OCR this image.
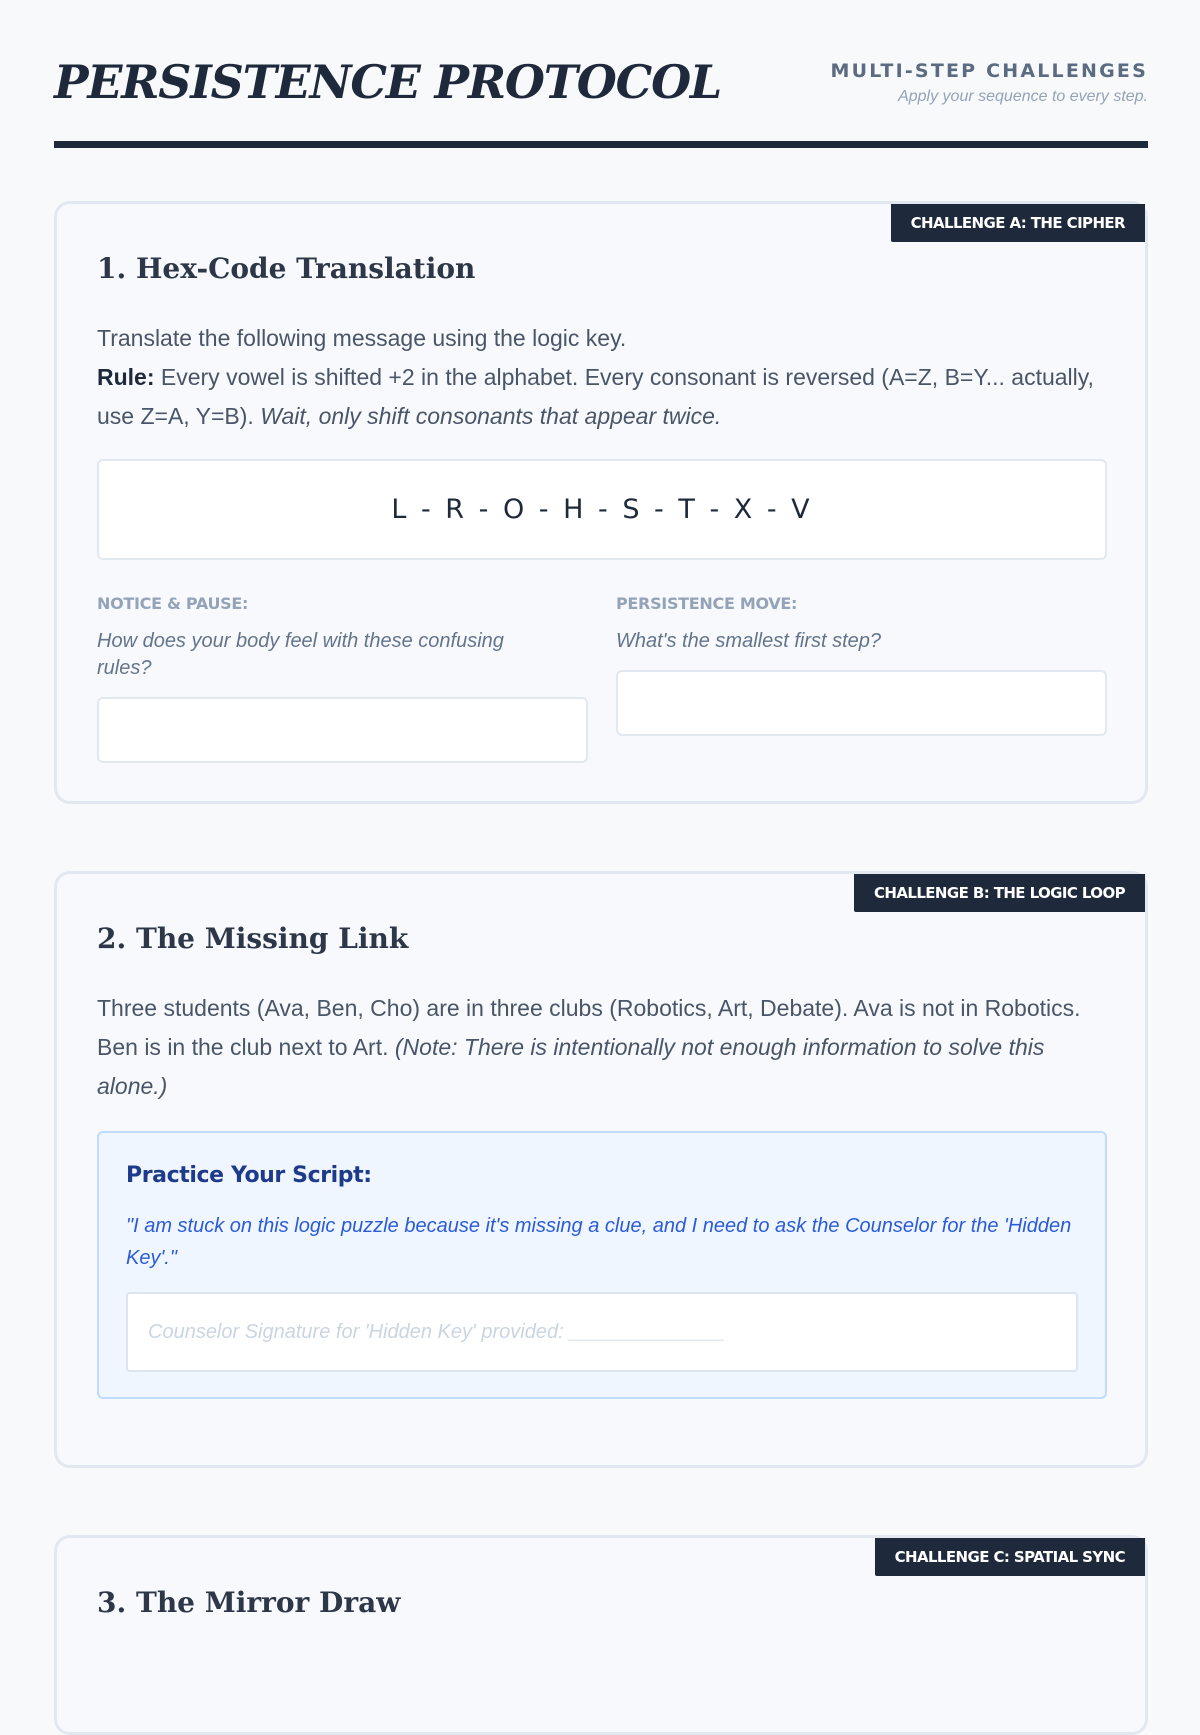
PERSISTENCE PROTOCOL	MULTI-STEP CHALLENGES
Apply your sequence to every step.
CHALLENGE A: THE CIPHER
1. Hex-Code Translation
Translate the following message using the logic key.
Rule: Every vowel is shifted +2 in the alphabet. Every consonant is reversed (A=Z, B=Y... actually, use Z=A, Y=B). Wait, only shift consonants that appear twice.
L - R - O - H - S - T - X - V
NOTICE & PAUSE:
How does your body feel with these confusing rules?
PERSISTENCE MOVE:
What's the smallest first step?
CHALLENGE B: THE LOGIC LOOP
2. The Missing Link
Three students (Ava, Ben, Cho) are in three clubs (Robotics, Art, Debate). Ava is not in Robotics. Ben is in the club next to Art. (Note: There is intentionally not enough information to solve this alone.)
Practice Your Script:
"I am stuck on this logic puzzle because it's missing a clue, and I need to ask the Counselor for the 'Hidden Key'."
Counselor Signature for 'Hidden Key' provided: ______________
CHALLENGE C: SPATIAL SYNC
3. The Mirror Draw
